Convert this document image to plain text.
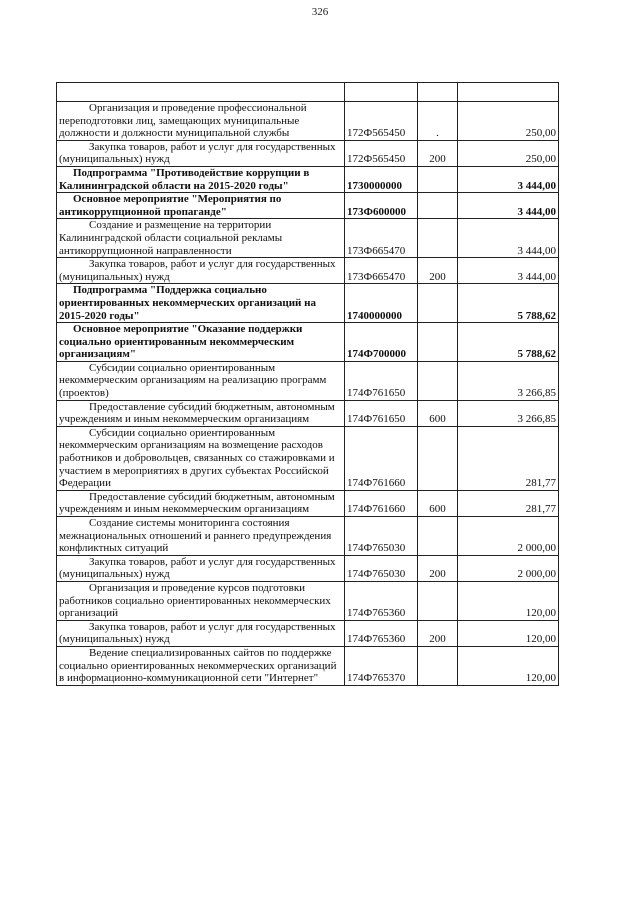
326

Организация и проведение профессиональной переподготовки лиц, замещающих муниципальные должности и должности муниципальной службы	172Ф565450	.	250,00
Закупка товаров, работ и услуг для государственных (муниципальных) нужд	172Ф565450	200	250,00
Подпрограмма "Противодействие коррупции в Калининградской области на 2015-2020 годы"	1730000000		3 444,00
Основное мероприятие "Мероприятия по антикоррупционной пропаганде"	173Ф600000		3 444,00
Создание и размещение на территории Калининградской области социальной рекламы антикоррупционной направленности	173Ф665470		3 444,00
Закупка товаров, работ и услуг для государственных (муниципальных) нужд	173Ф665470	200	3 444,00
Подпрограмма "Поддержка социально ориентированных некоммерческих организаций на 2015-2020 годы"	1740000000		5 788,62
Основное мероприятие "Оказание поддержки социально ориентированным некоммерческим организациям"	174Ф700000		5 788,62
Субсидии социально ориентированным некоммерческим организациям на реализацию программ (проектов)	174Ф761650		3 266,85
Предоставление субсидий бюджетным, автономным учреждениям и иным некоммерческим организациям	174Ф761650	600	3 266,85
Субсидии социально ориентированным некоммерческим организациям на возмещение расходов работников и добровольцев, связанных со стажировками и участием в мероприятиях в других субъектах Российской Федерации	174Ф761660		281,77
Предоставление субсидий бюджетным, автономным учреждениям и иным некоммерческим организациям	174Ф761660	600	281,77
Создание системы мониторинга состояния межнациональных отношений и раннего предупреждения конфликтных ситуаций	174Ф765030		2 000,00
Закупка товаров, работ и услуг для государственных (муниципальных) нужд	174Ф765030	200	2 000,00
Организация и проведение курсов подготовки работников социально ориентированных некоммерческих организаций	174Ф765360		120,00
Закупка товаров, работ и услуг для государственных (муниципальных) нужд	174Ф765360	200	120,00
Ведение специализированных сайтов по поддержке социально ориентированных некоммерческих организаций в информационно-коммуникационной сети "Интернет"	174Ф765370		120,00
